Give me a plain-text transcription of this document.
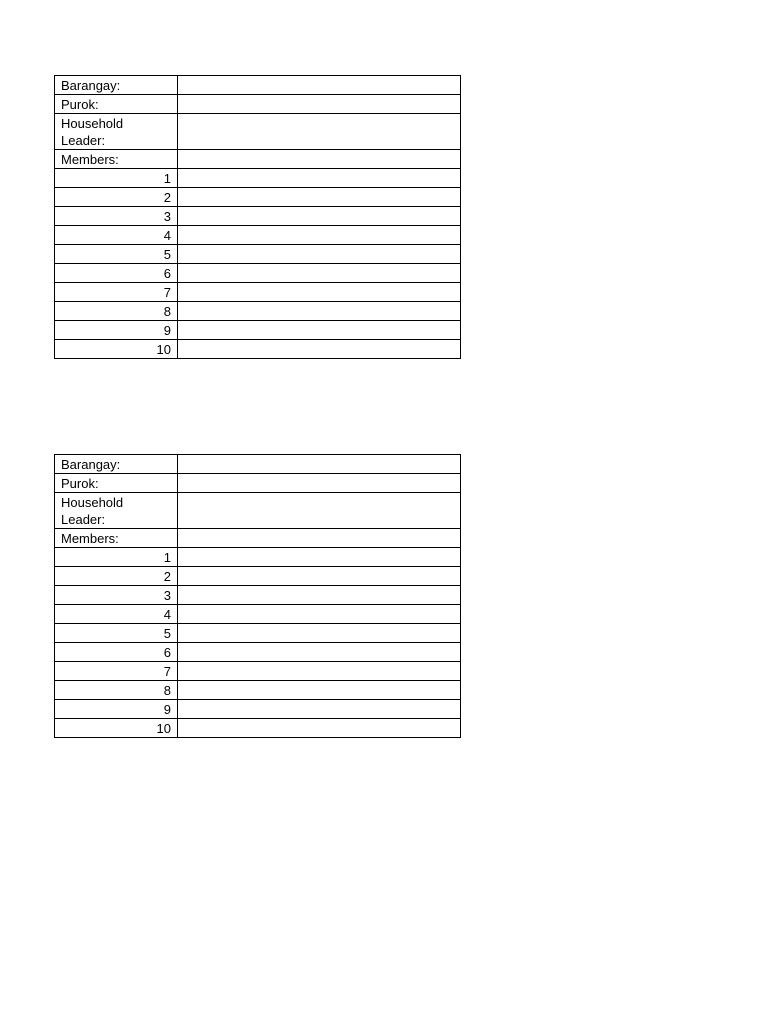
Barangay:	
Purok:	
Household
Leader:	
Members:	
1	
2	
3	
4	
5	
6	
7	
8	
9	
10	
Barangay:	
Purok:	
Household
Leader:	
Members:	
1	
2	
3	
4	
5	
6	
7	
8	
9	
10	
